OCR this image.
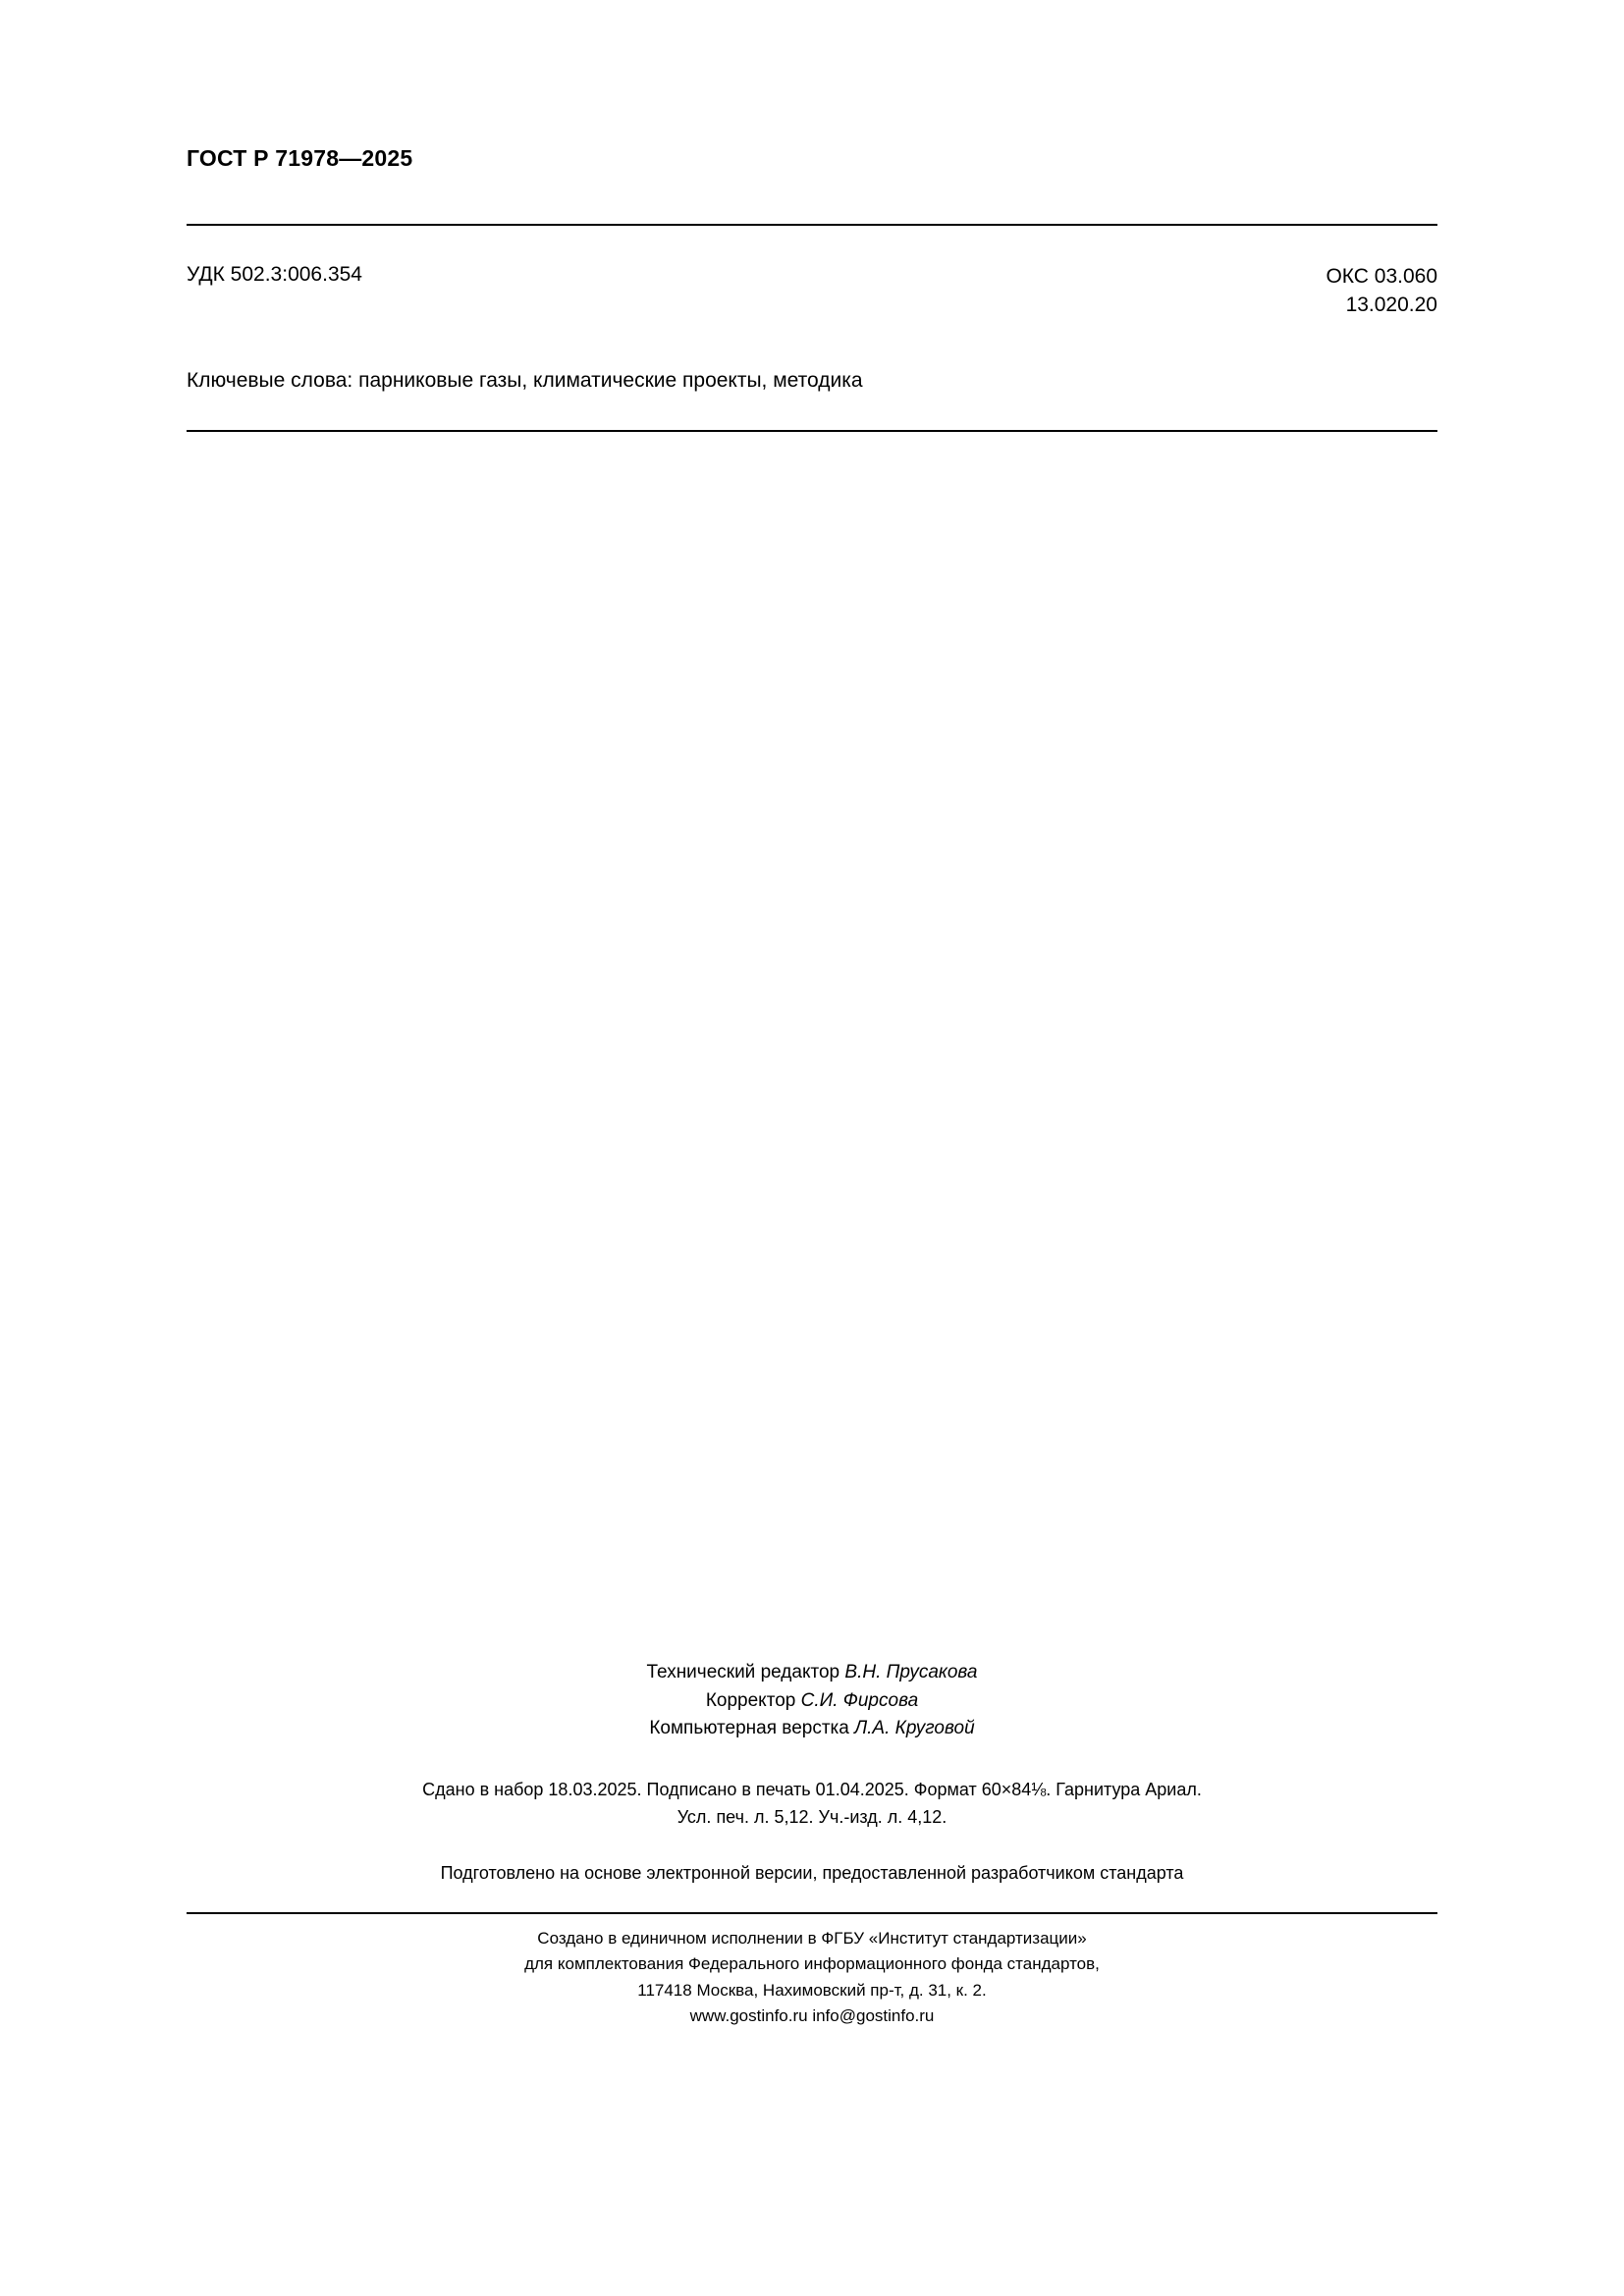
ГОСТ Р 71978—2025
УДК 502.3:006.354	ОКС 03.060
13.020.20
Ключевые слова: парниковые газы, климатические проекты, методика
Технический редактор В.Н. Прусакова
Корректор С.И. Фирсова
Компьютерная верстка Л.А. Круговой
Сдано в набор 18.03.2025. Подписано в печать 01.04.2025. Формат 60×84⅛. Гарнитура Ариал.
Усл. печ. л. 5,12. Уч.-изд. л. 4,12.
Подготовлено на основе электронной версии, предоставленной разработчиком стандарта
Создано в единичном исполнении в ФГБУ «Институт стандартизации»
для комплектования Федерального информационного фонда стандартов,
117418 Москва, Нахимовский пр-т, д. 31, к. 2.
www.gostinfo.ru info@gostinfo.ru
